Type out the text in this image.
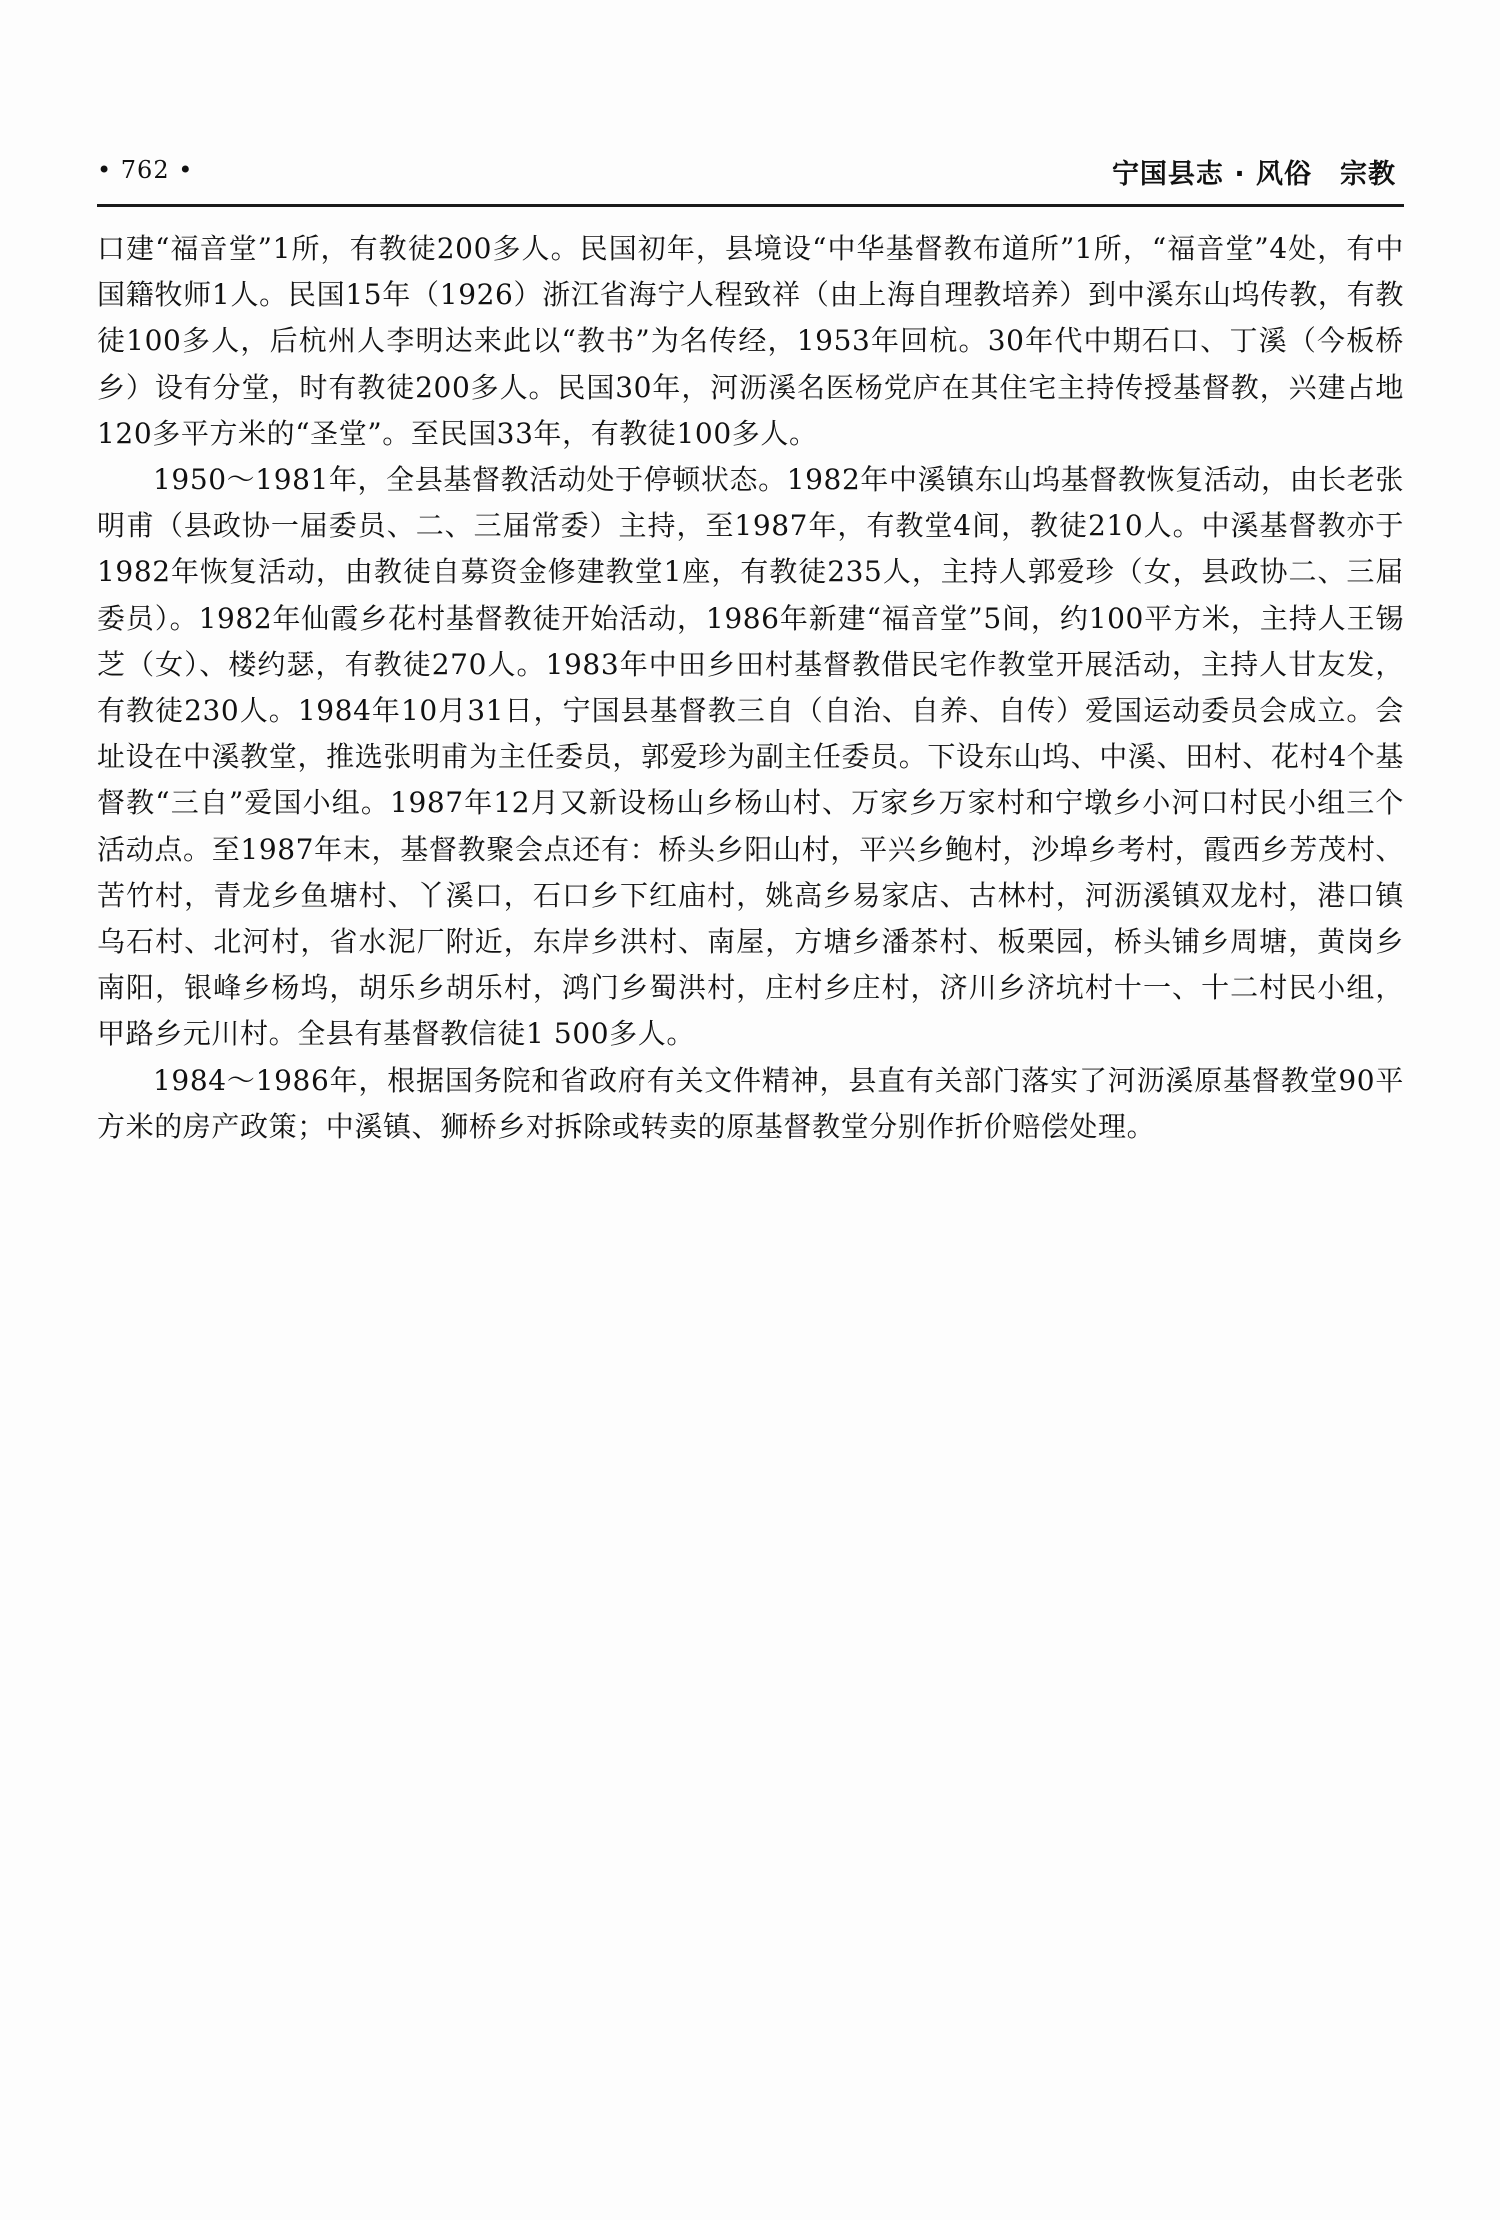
• 762 •	宁国县志 · 风俗　宗教

口建“福音堂”1所，有教徒200多人。民国初年，县境设“中华基督教布道所”1所，“福音堂”4处，有中国籍牧师1人。民国15年（1926）浙江省海宁人程致祥（由上海自理教培养）到中溪东山坞传教，有教徒100多人，后杭州人李明达来此以“教书”为名传经，1953年回杭。30年代中期石口、丁溪（今板桥乡）设有分堂，时有教徒200多人。民国30年，河沥溪名医杨党庐在其住宅主持传授基督教，兴建占地120多平方米的“圣堂”。至民国33年，有教徒100多人。

1950～1981年，全县基督教活动处于停顿状态。1982年中溪镇东山坞基督教恢复活动，由长老张明甫（县政协一届委员、二、三届常委）主持，至1987年，有教堂4间，教徒210人。中溪基督教亦于1982年恢复活动，由教徒自募资金修建教堂1座，有教徒235人，主持人郭爱珍（女，县政协二、三届委员）。1982年仙霞乡花村基督教徒开始活动，1986年新建“福音堂”5间，约100平方米，主持人王锡芝（女）、楼约瑟，有教徒270人。1983年中田乡田村基督教借民宅作教堂开展活动，主持人甘友发，有教徒230人。1984年10月31日，宁国县基督教三自（自治、自养、自传）爱国运动委员会成立。会址设在中溪教堂，推选张明甫为主任委员，郭爱珍为副主任委员。下设东山坞、中溪、田村、花村4个基督教“三自”爱国小组。1987年12月又新设杨山乡杨山村、万家乡万家村和宁墩乡小河口村民小组三个活动点。至1987年末，基督教聚会点还有：桥头乡阳山村，平兴乡鲍村，沙埠乡考村，霞西乡芳茂村、苦竹村，青龙乡鱼塘村、丫溪口，石口乡下红庙村，姚高乡易家店、古林村，河沥溪镇双龙村，港口镇乌石村、北河村，省水泥厂附近，东岸乡洪村、南屋，方塘乡潘茶村、板栗园，桥头铺乡周塘，黄岗乡南阳，银峰乡杨坞，胡乐乡胡乐村，鸿门乡蜀洪村，庄村乡庄村，济川乡济坑村十一、十二村民小组，甲路乡元川村。全县有基督教信徒1 500多人。

1984～1986年，根据国务院和省政府有关文件精神，县直有关部门落实了河沥溪原基督教堂90平方米的房产政策；中溪镇、狮桥乡对拆除或转卖的原基督教堂分别作折价赔偿处理。
